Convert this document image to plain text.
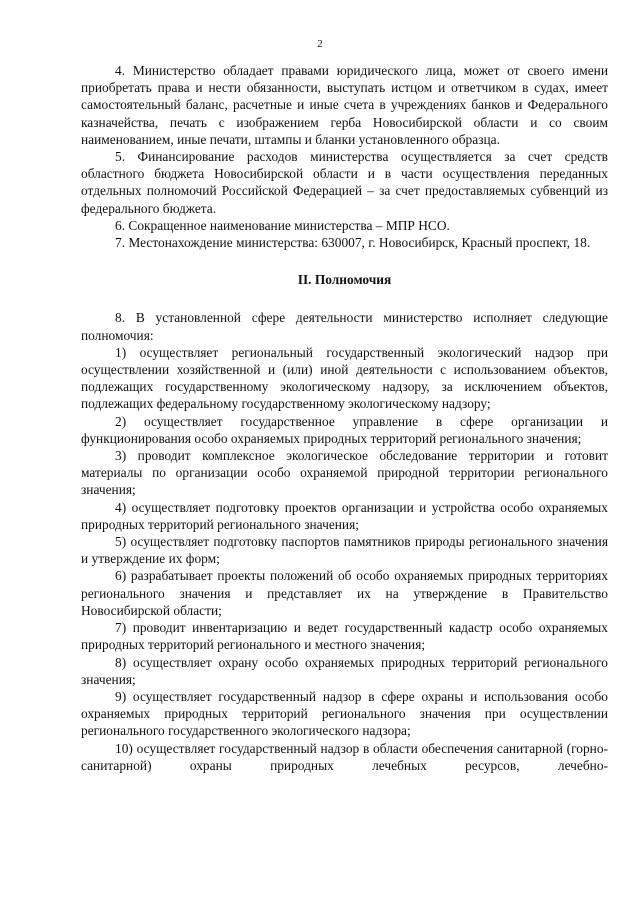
2

4. Министерство обладает правами юридического лица, может от своего имени приобретать права и нести обязанности, выступать истцом и ответчиком в судах, имеет самостоятельный баланс, расчетные и иные счета в учреждениях банков и Федерального казначейства, печать с изображением герба Новосибирской области и со своим наименованием, иные печати, штампы и бланки установленного образца.

5. Финансирование расходов министерства осуществляется за счет средств областного бюджета Новосибирской области и в части осуществления переданных отдельных полномочий Российской Федерацией – за счет предоставляемых субвенций из федерального бюджета.

6. Сокращенное наименование министерства – МПР НСО.

7. Местонахождение министерства: 630007, г. Новосибирск, Красный проспект, 18.

II. Полномочия

8. В установленной сфере деятельности министерство исполняет следующие полномочия:

1) осуществляет региональный государственный экологический надзор при осуществлении хозяйственной и (или) иной деятельности с использованием объектов, подлежащих государственному экологическому надзору, за исключением объектов, подлежащих федеральному государственному экологическому надзору;

2) осуществляет государственное управление в сфере организации и функционирования особо охраняемых природных территорий регионального значения;

3) проводит комплексное экологическое обследование территории и готовит материалы по организации особо охраняемой природной территории регионального значения;

4) осуществляет подготовку проектов организации и устройства особо охраняемых природных территорий регионального значения;

5) осуществляет подготовку паспортов памятников природы регионального значения и утверждение их форм;

6) разрабатывает проекты положений об особо охраняемых природных территориях регионального значения и представляет их на утверждение в Правительство Новосибирской области;

7) проводит инвентаризацию и ведет государственный кадастр особо охраняемых природных территорий регионального и местного значения;

8) осуществляет охрану особо охраняемых природных территорий регионального значения;

9) осуществляет государственный надзор в сфере охраны и использования особо охраняемых природных территорий регионального значения при осуществлении регионального государственного экологического надзора;

10) осуществляет государственный надзор в области обеспечения санитарной (горно-санитарной) охраны природных лечебных ресурсов, лечебно-
